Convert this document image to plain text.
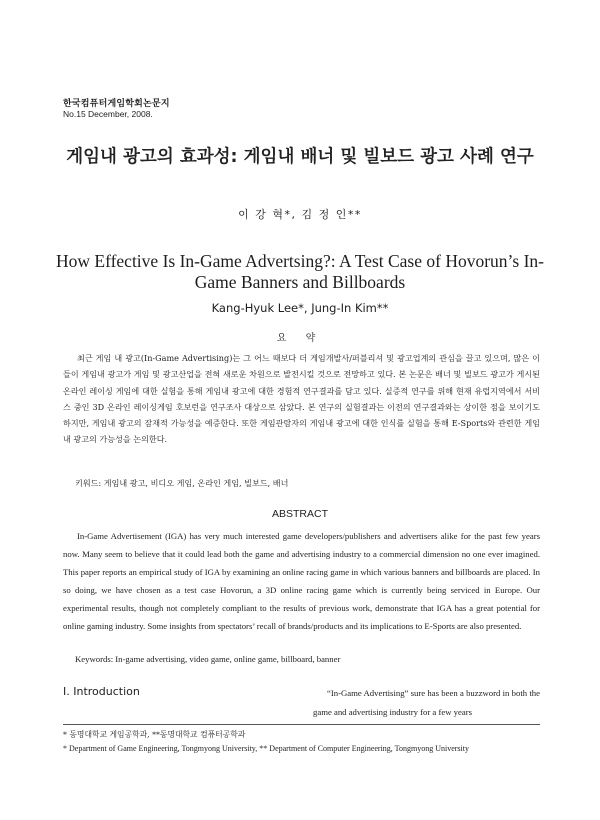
한국컴퓨터게임학회논문지
No.15 December, 2008.
게임내 광고의 효과성: 게임내 배너 및 빌보드 광고 사례 연구
이 강 혁*, 김 정 인**
How Effective Is In-Game Advertsing?: A Test Case of Hovorun’s In-Game Banners and Billboards
Kang-Hyuk Lee*, Jung-In Kim**
요 약

최근 게임 내 광고(In-Game Advertising)는 그 어느 때보다 더 게임개발사/퍼블리셔 및 광고업계의 관심을 끌고 있으며, 많은 이들이 게임내 광고가 게임 및 광고산업을 전혀 새로운 차원으로 발전시킬 것으로 전망하고 있다. 본 논문은 배너 및 빌보드 광고가 게시된 온라인 레이싱 게임에 대한 실험을 통해 게임내 광고에 대한 경험적 연구결과를 담고 있다. 실증적 연구를 위해 현재 유럽지역에서 서비스 중인 3D 온라인 레이싱게임 호보런을 연구조사 대상으로 삼았다. 본 연구의 실험결과는 이전의 연구결과와는 상이한 점을 보이기도 하지만, 게임내 광고의 잠재적 가능성을 예증한다. 또한 게임관람자의 게임내 광고에 대한 인식를 실험을 통해 E-Sports와 관련한 게임내 광고의 가능성을 논의한다.

키워드: 게임내 광고, 비디오 게임, 온라인 게임, 빌보드, 배너
ABSTRACT

In-Game Advertisement (IGA) has very much interested game developers/publishers and advertisers alike for the past few years now. Many seem to believe that it could lead both the game and advertising industry to a commercial dimension no one ever imagined. This paper reports an empirical study of IGA by examining an online racing game in which various banners and billboards are placed. In so doing, we have chosen as a test case Hovorun, a 3D online racing game which is currently being serviced in Europe. Our experimental results, though not completely compliant to the results of previous work, demonstrate that IGA has a great potential for online gaming industry. Some insights from spectators’ recall of brands/products and its implications to E-Sports are also presented.

Keywords: In-game advertising, video game, online game, billboard, banner
Ⅰ. Introduction	“In-Game Advertising” sure has been a buzzword in both the game and advertising industry for a few years

* 동명대학교 게임공학과, **동명대학교 컴퓨터공학과
* Department of Game Engineering, Tongmyong University, ** Department of Computer Engineering, Tongmyong University
